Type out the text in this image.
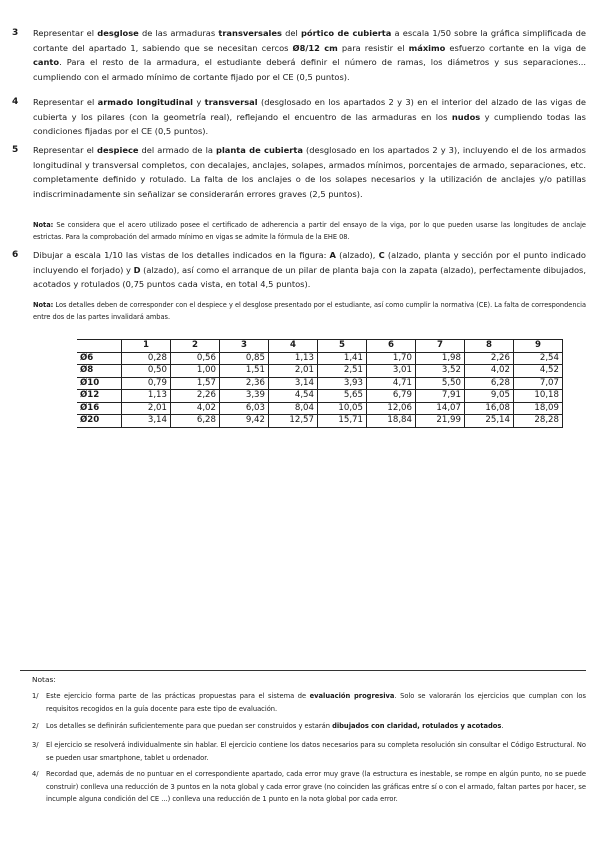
3 Representar el desglose de las armaduras transversales del pórtico de cubierta a escala 1/50 sobre la gráfica simplificada de cortante del apartado 1, sabiendo que se necesitan cercos Ø8/12 cm para resistir el máximo esfuerzo cortante en la viga de canto. Para el resto de la armadura, el estudiante deberá definir el número de ramas, los diámetros y sus separaciones... cumpliendo con el armado mínimo de cortante fijado por el CE (0,5 puntos).
4 Representar el armado longitudinal y transversal (desglosado en los apartados 2 y 3) en el interior del alzado de las vigas de cubierta y los pilares (con la geometría real), reflejando el encuentro de las armaduras en los nudos y cumpliendo todas las condiciones fijadas por el CE (0,5 puntos).
5 Representar el despiece del armado de la planta de cubierta (desglosado en los apartados 2 y 3), incluyendo el de los armados longitudinal y transversal completos, con decalajes, anclajes, solapes, armados mínimos, porcentajes de armado, separaciones, etc. completamente definido y rotulado. La falta de los anclajes o de los solapes necesarios y la utilización de anclajes y/o patillas indiscriminadamente sin señalizar se considerarán errores graves (2,5 puntos).
Nota: Se considera que el acero utilizado posee el certificado de adherencia a partir del ensayo de la viga, por lo que pueden usarse las longitudes de anclaje estrictas. Para la comprobación del armado mínimo en vigas se admite la fórmula de la EHE 08.
6 Dibujar a escala 1/10 las vistas de los detalles indicados en la figura: A (alzado), C (alzado, planta y sección por el punto indicado incluyendo el forjado) y D (alzado), así como el arranque de un pilar de planta baja con la zapata (alzado), perfectamente dibujados, acotados y rotulados (0,75 puntos cada vista, en total 4,5 puntos).
Nota: Los detalles deben de corresponder con el despiece y el desglose presentado por el estudiante, así como cumplir la normativa (CE). La falta de correspondencia entre dos de las partes invalidará ambas.
	1	2	3	4	5	6	7	8	9
Ø6	0,28	0,56	0,85	1,13	1,41	1,70	1,98	2,26	2,54
Ø8	0,50	1,00	1,51	2,01	2,51	3,01	3,52	4,02	4,52
Ø10	0,79	1,57	2,36	3,14	3,93	4,71	5,50	6,28	7,07
Ø12	1,13	2,26	3,39	4,54	5,65	6,79	7,91	9,05	10,18
Ø16	2,01	4,02	6,03	8,04	10,05	12,06	14,07	16,08	18,09
Ø20	3,14	6,28	9,42	12,57	15,71	18,84	21,99	25,14	28,28
Notas:
1/ Este ejercicio forma parte de las prácticas propuestas para el sistema de evaluación progresiva. Solo se valorarán los ejercicios que cumplan con los requisitos recogidos en la guía docente para este tipo de evaluación.
2/ Los detalles se definirán suficientemente para que puedan ser construidos y estarán dibujados con claridad, rotulados y acotados.
3/ El ejercicio se resolverá individualmente sin hablar. El ejercicio contiene los datos necesarios para su completa resolución sin consultar el Código Estructural. No se pueden usar smartphone, tablet u ordenador.
4/ Recordad que, además de no puntuar en el correspondiente apartado, cada error muy grave (la estructura es inestable, se rompe en algún punto, no se puede construir) conlleva una reducción de 3 puntos en la nota global y cada error grave (no coinciden las gráficas entre sí o con el armado, faltan partes por hacer, se incumple alguna condición del CE ...) conlleva una reducción de 1 punto en la nota global por cada error.
